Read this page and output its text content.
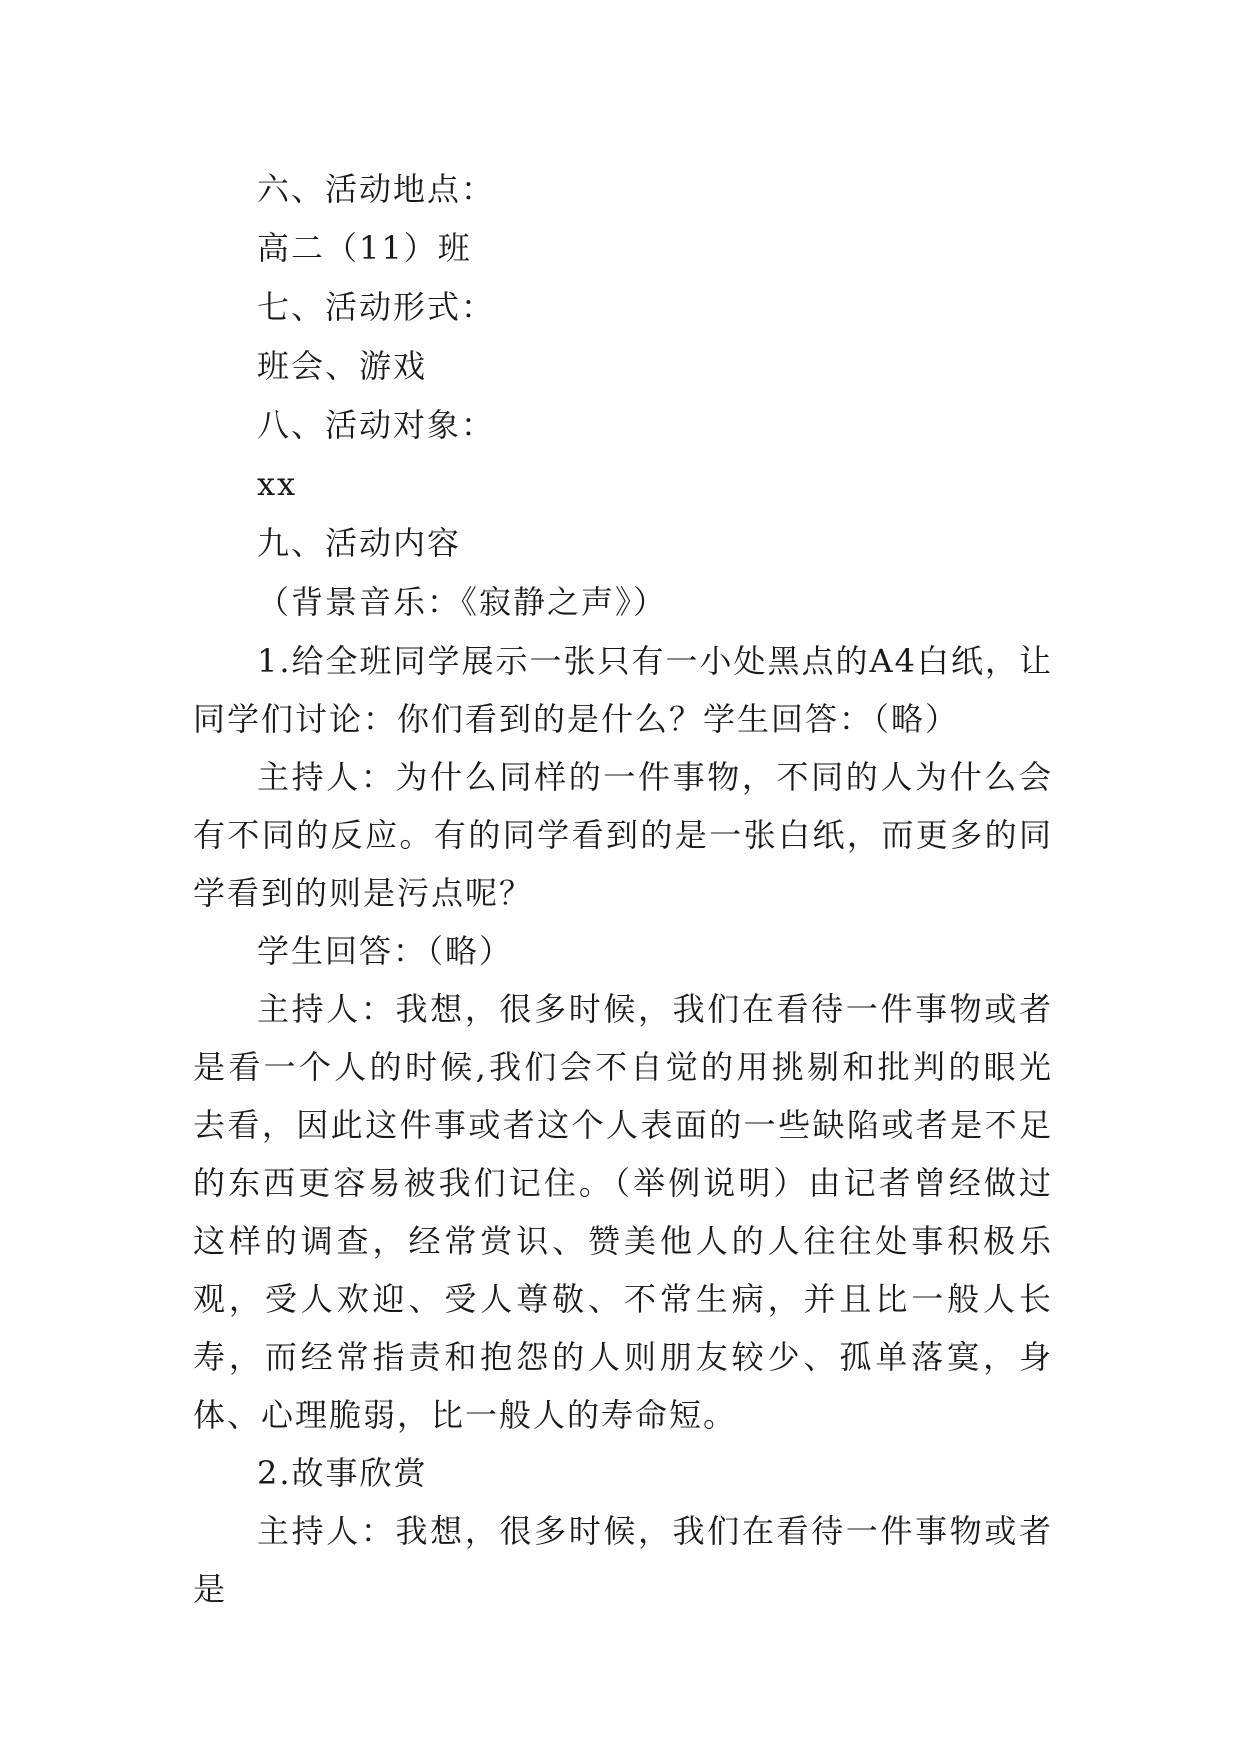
六、活动地点：

高二（11）班

七、活动形式：

班会、游戏

八、活动对象：

xx

九、活动内容

（背景音乐：《寂静之声》）

1.给全班同学展示一张只有一小处黑点的A4白纸，让同学们讨论：你们看到的是什么？学生回答：（略）

主持人：为什么同样的一件事物，不同的人为什么会有不同的反应。有的同学看到的是一张白纸，而更多的同学看到的则是污点呢？

学生回答：（略）

主持人：我想，很多时候，我们在看待一件事物或者是看一个人的时候,我们会不自觉的用挑剔和批判的眼光去看，因此这件事或者这个人表面的一些缺陷或者是不足的东西更容易被我们记住。（举例说明）由记者曾经做过这样的调查，经常赏识、赞美他人的人往往处事积极乐观，受人欢迎、受人尊敬、不常生病，并且比一般人长寿，而经常指责和抱怨的人则朋友较少、孤单落寞，身体、心理脆弱，比一般人的寿命短。

2.故事欣赏

主持人：我想，很多时候，我们在看待一件事物或者是
